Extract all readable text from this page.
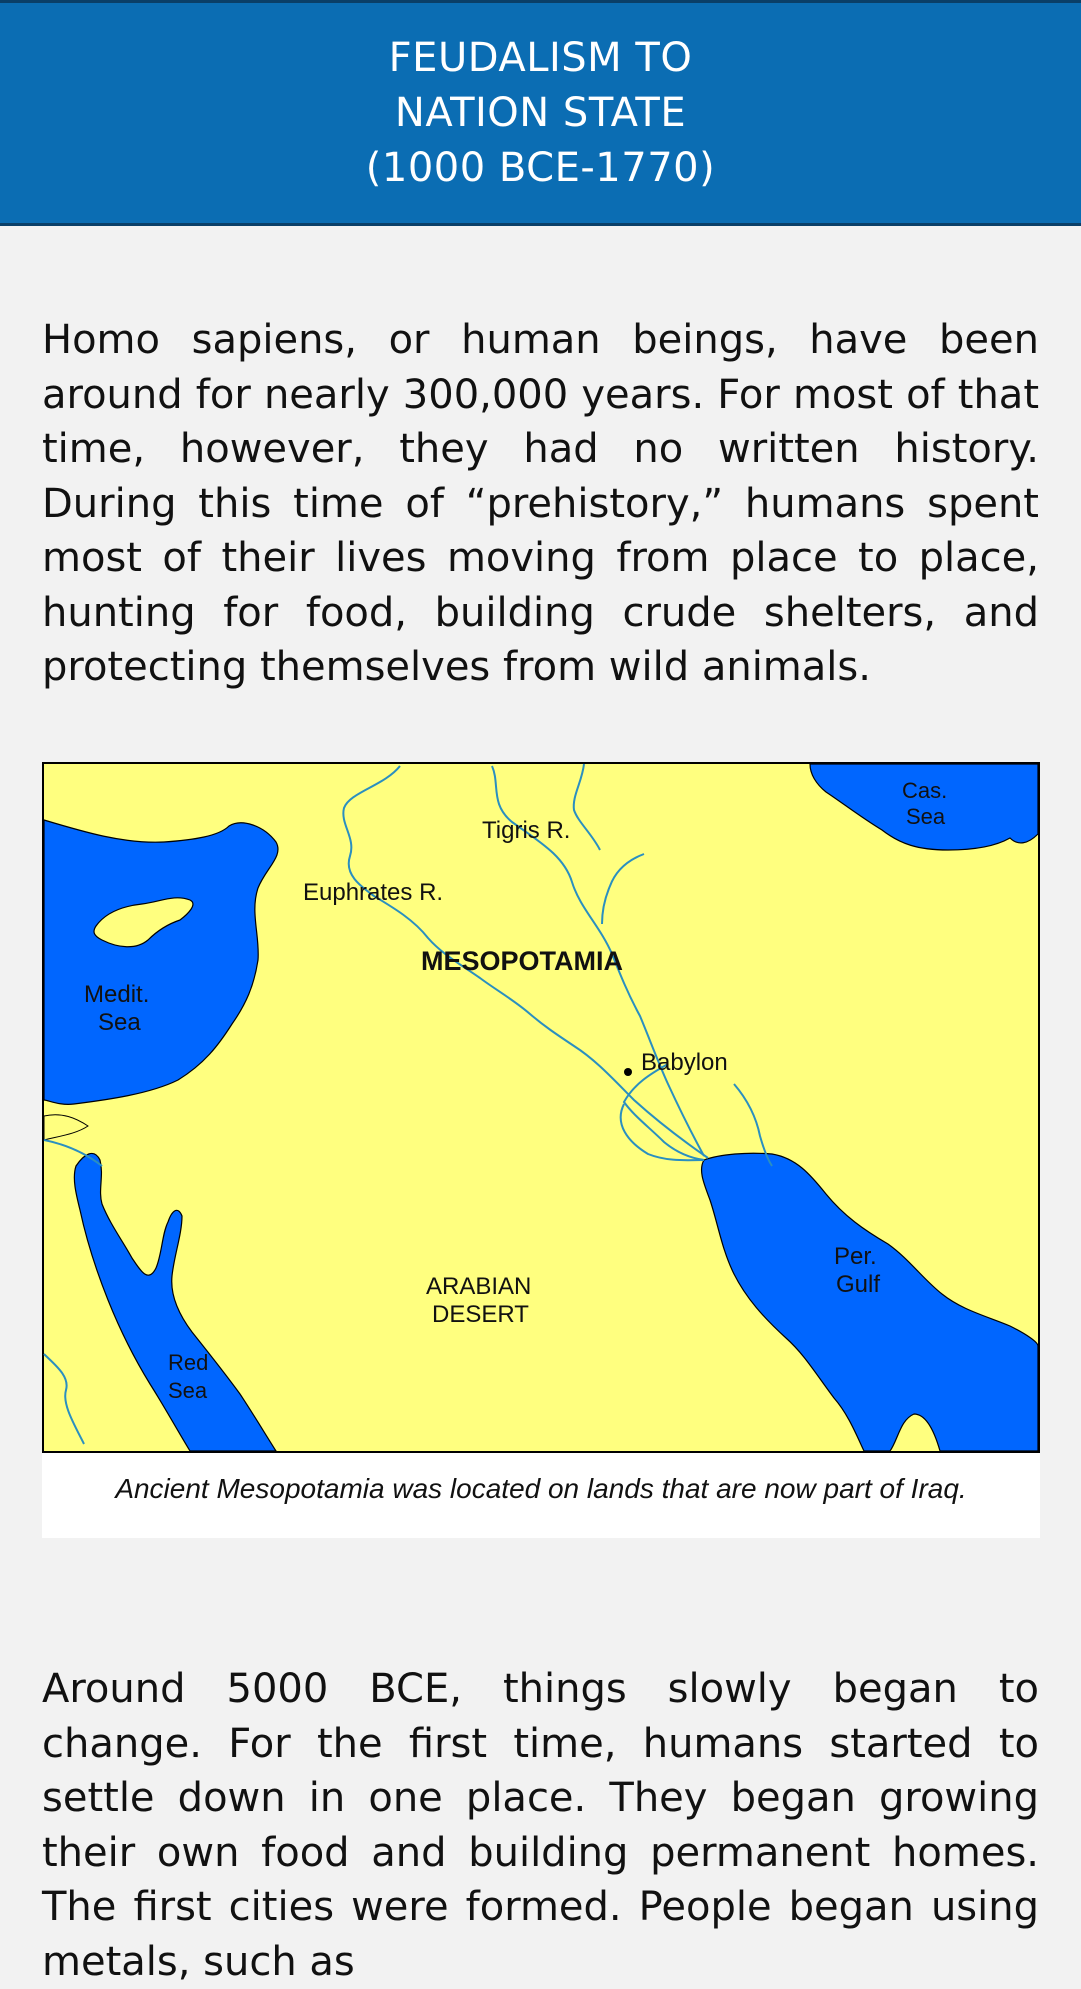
FEUDALISM TO
NATION STATE
(1000 BCE-1770)

Homo sapiens, or human beings, have been around for nearly 300,000 years. For most of that time, however, they had no written history. During this time of “prehistory,” humans spent most of their lives moving from place to place, hunting for food, building crude shelters, and protecting themselves from wild animals.

Tigris R.
Euphrates R.
MESOPOTAMIA
Babylon
Medit.
Sea
Cas.
Sea
ARABIAN
DESERT
Red
Sea
Per.
Gulf
Ancient Mesopotamia was located on lands that are now part of Iraq.

Around 5000 BCE, things slowly began to change. For the first time, humans started to settle down in one place. They began growing their own food and building permanent homes. The first cities were formed. People began using metals, such as
